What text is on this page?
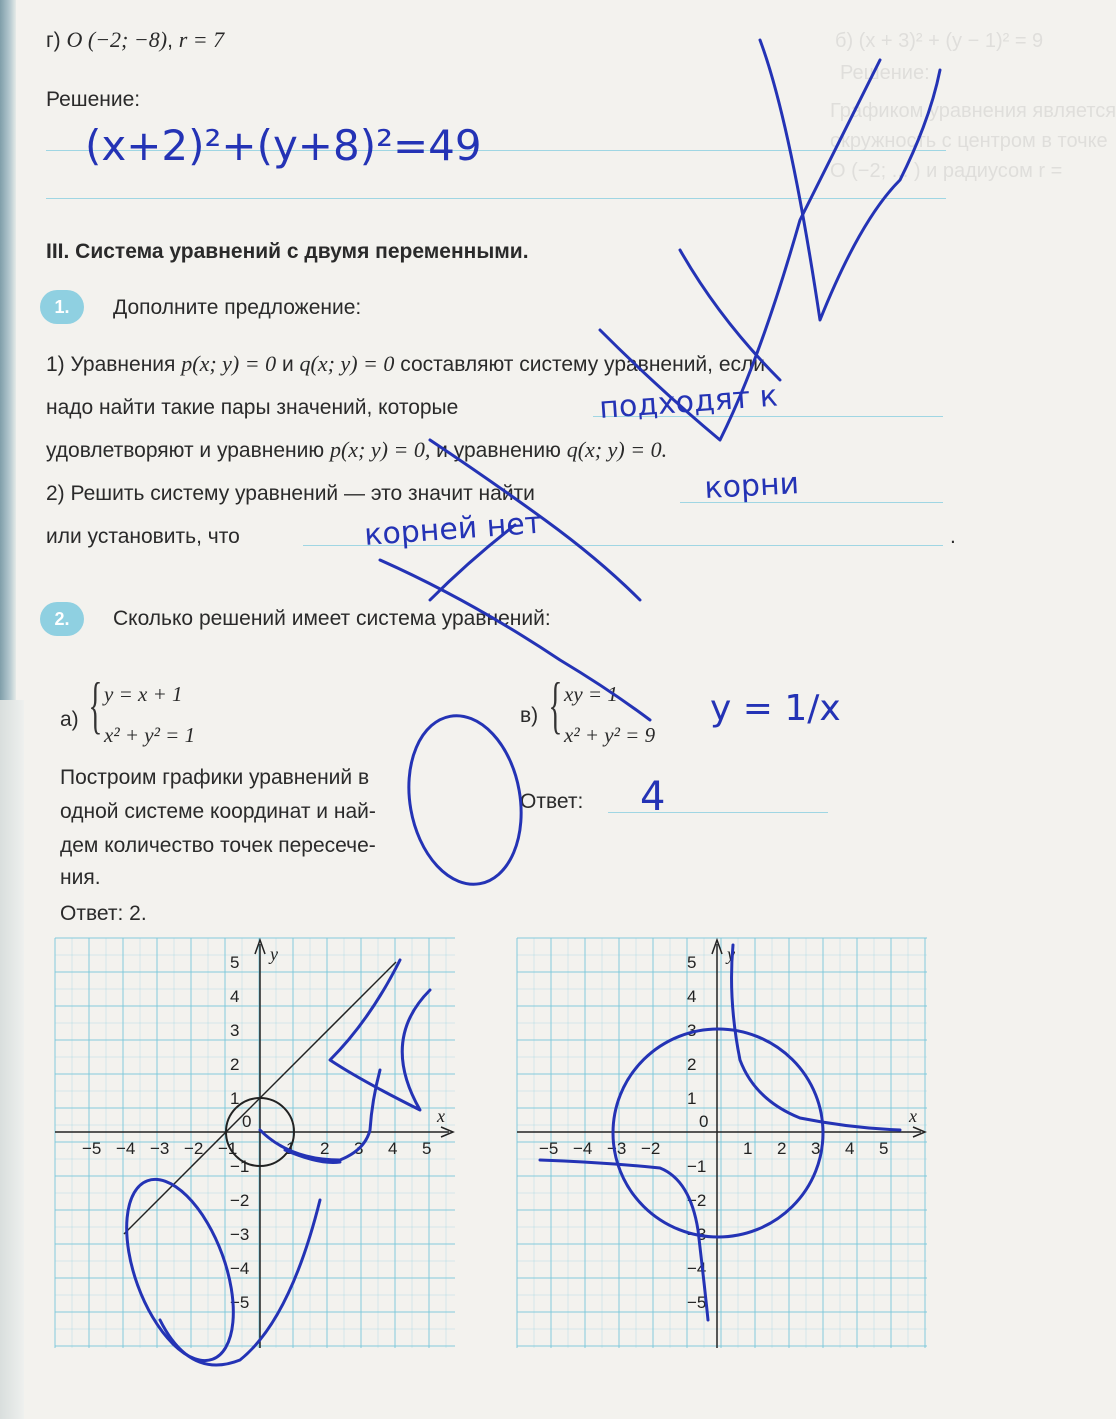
б) (x + 3)² + (y − 1)² = 9
Решение:
Графиком уравнения является
окружность с центром в точке
O (−2; ... ) и радиусом r =
г) O (−2; −8), r = 7
Решение:
III. Система уравнений с двумя переменными.
1.	Дополните предложение:
1) Уравнения p(x; y) = 0 и q(x; y) = 0 составляют систему уравнений, если
надо найти такие пары значений, которые
удовлетворяют и уравнению p(x; y) = 0, и уравнению q(x; y) = 0.
2) Решить систему уравнений — это значит найти
или установить, что	.
2.	Сколько решений имеет система уравнений:
а) { y = x + 1
x² + y² = 1
в) { xy = 1
x² + y² = 9
Построим графики уравнений в
одной системе координат и най-
дем количество точек пересече-
ния.
Ответ: 2.
Ответ:
x
y
0
−5 −4 −3 −2 −1	1 2 3 4 5
5
4
3
2
1
−1
−2
−3
−4
−5
x
y
0
−5 −4 −3 −2	1 2 3 4 5
5
4
3
2
1
−1
−2
−3
−4
−5
(x+2)²+(y+8)²=49
подходят к
корни
корней нет
y = 1/x
4
